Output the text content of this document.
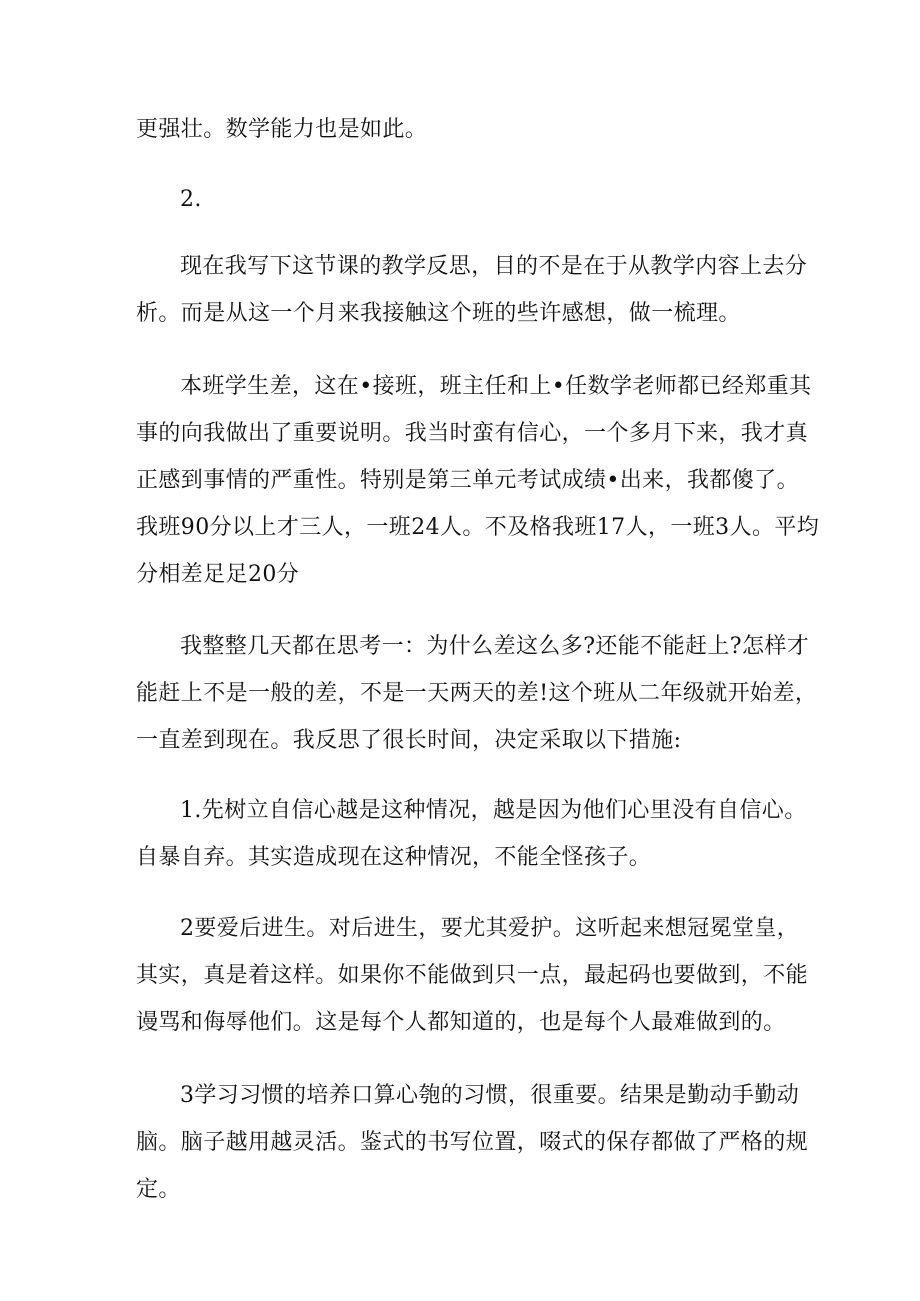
更强壮。数学能力也是如此。

2.

现在我写下这节课的教学反思，目的不是在于从教学内容上去分
析。而是从这一个月来我接触这个班的些许感想，做一梳理。

本班学生差，这在•接班，班主任和上•任数学老师都已经郑重其
事的向我做出了重要说明。我当时蛮有信心，一个多月下来，我才真
正感到事情的严重性。特别是第三单元考试成绩•出来，我都傻了。
我班90分以上才三人，一班24人。不及格我班17人，一班3人。平均
分相差足足20分

我整整几天都在思考一：为什么差这么多?还能不能赶上?怎样才
能赶上不是一般的差，不是一天两天的差!这个班从二年级就开始差，
一直差到现在。我反思了很长时间，决定采取以下措施:

1.先树立自信心越是这种情况，越是因为他们心里没有自信心。
自暴自弃。其实造成现在这种情况，不能全怪孩子。

2要爱后进生。对后进生，要尤其爱护。这听起来想冠冕堂皇，
其实，真是着这样。如果你不能做到只一点，最起码也要做到，不能
谩骂和侮辱他们。这是每个人都知道的，也是每个人最难做到的。

3学习习惯的培养口算心匏的习惯，很重要。结果是勤动手勤动
脑。脑子越用越灵活。鉴式的书写位置，啜式的保存都做了严格的规
定。
